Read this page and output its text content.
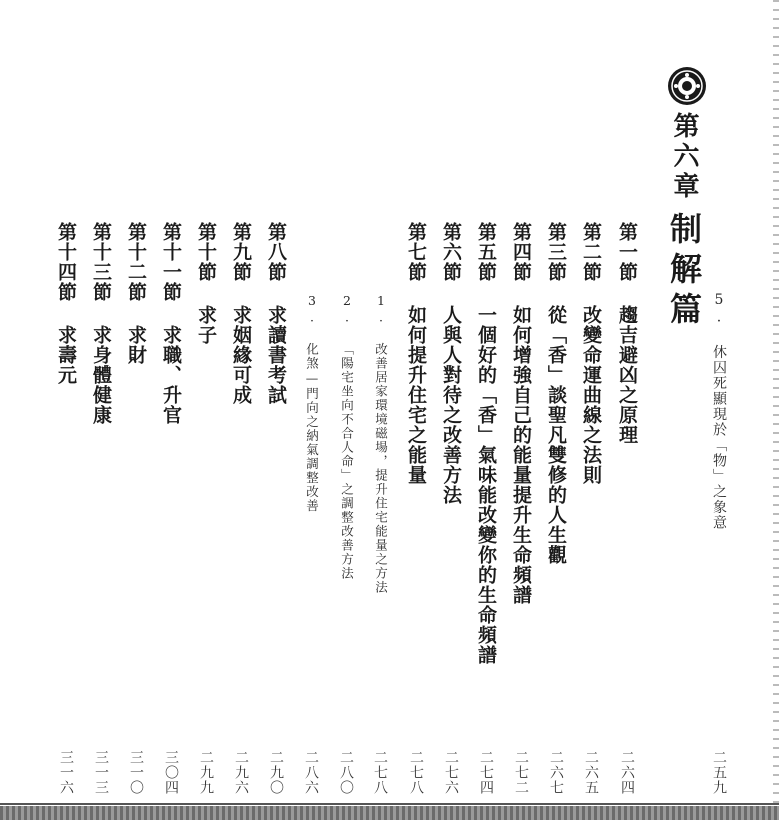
5. 休囚死顯現於「物」之象意
二五九
第六章
制解篇
第一節 趨吉避凶之原理
二六四
第二節 改變命運曲線之法則
二六五
第三節 從「香」談聖凡雙修的人生觀
二六七
第四節 如何增強自己的能量提升生命頻譜
二七二
第五節 一個好的「香」氣味能改變你的生命頻譜
二七四
第六節 人與人對待之改善方法
二七六
第七節 如何提升住宅之能量
二七八
1. 改善居家環境磁場，提升住宅能量之方法
二七八
2. 「陽宅坐向不合人命」之調整改善方法
二八〇
3. 化煞—門向之納氣調整改善
二八六
第八節 求讀書考試
二九〇
第九節 求姻緣可成
二九六
第十節 求子
二九九
第十一節 求職、升官
三〇四
第十二節 求財
三一〇
第十三節 求身體健康
三一三
第十四節 求壽元
三一六
